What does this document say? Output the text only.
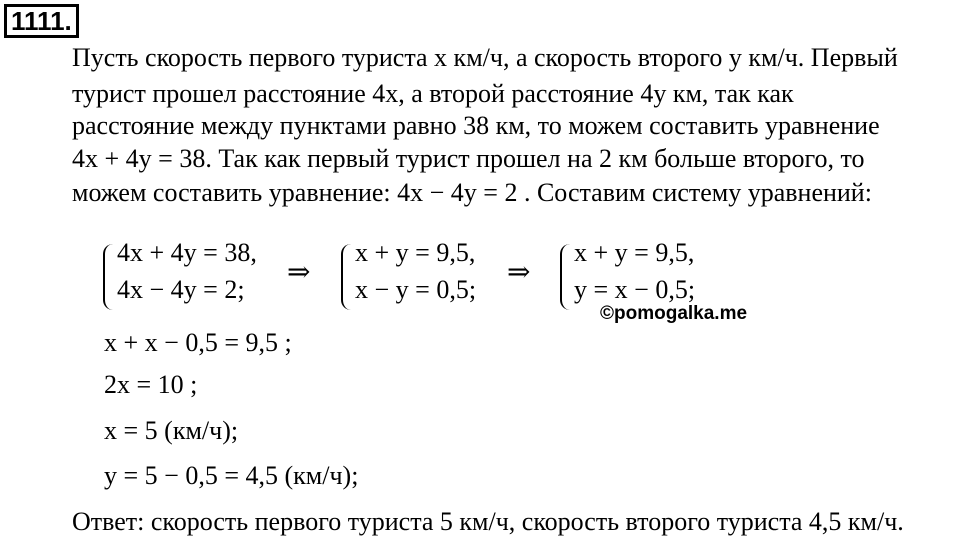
1111.
Пусть скорость первого туриста x км/ч, а скорость второго y км/ч. Первый
турист прошел расстояние 4x, а второй расстояние 4y км, так как
расстояние между пунктами равно 38 км, то можем составить уравнение
4x + 4y = 38. Так как первый турист прошел на 2 км больше второго, то
можем составить уравнение: 4x − 4y = 2 . Составим систему уравнений:
4x + 4y = 38,
4x − 4y = 2;
⇒
x + y = 9,5,
x − y = 0,5;
⇒
x + y = 9,5,
y = x − 0,5;
©pomogalka.me
x + x − 0,5 = 9,5 ;
2x = 10 ;
x = 5 (км/ч);
y = 5 − 0,5 = 4,5 (км/ч);
Ответ: скорость первого туриста 5 км/ч, скорость второго туриста 4,5 км/ч.
